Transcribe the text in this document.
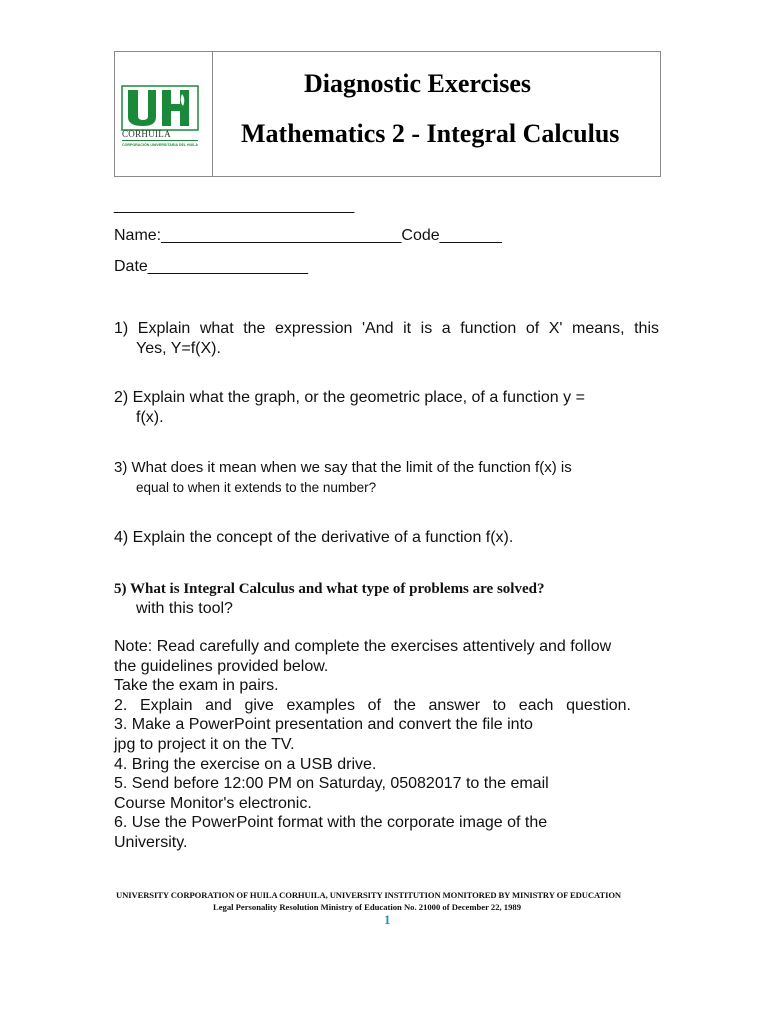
CORHUILA
CORPORACIÓN UNIVERSITARIA DEL HUILA
Diagnostic Exercises
Mathematics 2 - Integral Calculus
___________________________
Name:___________________________Code_______
Date__________________
1) Explain what the expression 'And it is a function of X' means, this
Yes, Y=f(X).
2) Explain what the graph, or the geometric place, of a function y =
f(x).
3) What does it mean when we say that the limit of the function f(x) is
equal to when it extends to the number?
4) Explain the concept of the derivative of a function f(x).
5) What is Integral Calculus and what type of problems are solved?
with this tool?
Note: Read carefully and complete the exercises attentively and follow
the guidelines provided below.
Take the exam in pairs.
2. Explain and give examples of the answer to each question.
3. Make a PowerPoint presentation and convert the file into
jpg to project it on the TV.
4. Bring the exercise on a USB drive.
5. Send before 12:00 PM on Saturday, 05082017 to the email
Course Monitor's electronic.
6. Use the PowerPoint format with the corporate image of the
University.
UNIVERSITY CORPORATION OF HUILA CORHUILA, UNIVERSITY INSTITUTION MONITORED BY MINISTRY OF EDUCATION
Legal Personality Resolution Ministry of Education No. 21000 of December 22, 1989
1
